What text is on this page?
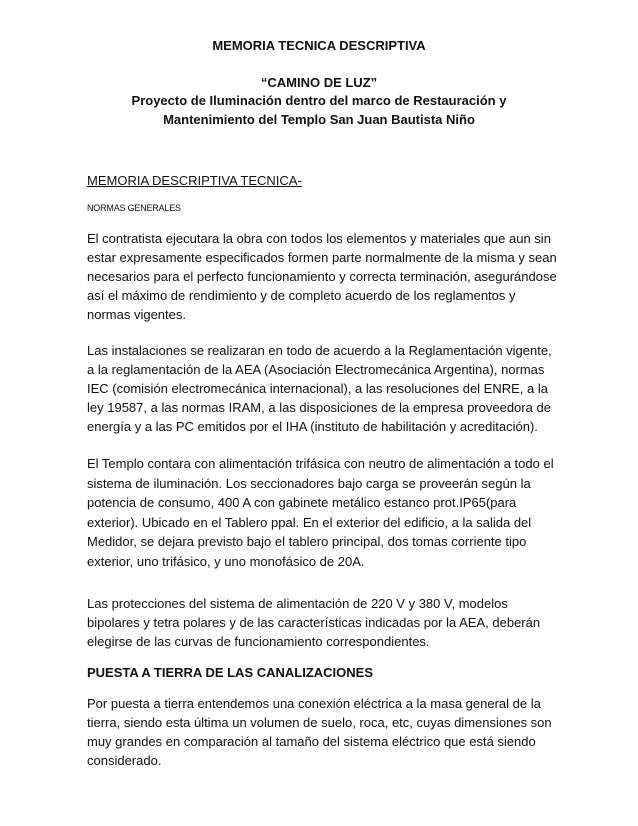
MEMORIA TECNICA DESCRIPTIVA
“CAMINO DE LUZ”
Proyecto de Iluminación dentro del marco de Restauración y
Mantenimiento del Templo San Juan Bautista Niño
MEMORIA DESCRIPTIVA TECNICA-
NORMAS GENERALES

El contratista ejecutara la obra con todos los elementos y materiales que aun sin estar expresamente especificados formen parte normalmente de la misma y sean necesarios para el perfecto funcionamiento y correcta terminación, asegurándose así el máximo de rendimiento y de completo acuerdo de los reglamentos y normas vigentes.

Las instalaciones se realizaran en todo de acuerdo a la Reglamentación vigente, a la reglamentación de la AEA (Asociación Electromecánica Argentina), normas IEC (comisión electromecánica internacional), a las resoluciones del ENRE, a la ley 19587, a las normas IRAM, a las disposiciones de la empresa proveedora de energía y a las PC emitidos por el IHA (instituto de habilitación y acreditación).

El Templo contara con alimentación trifásica con neutro de alimentación a todo el sistema de iluminación. Los seccionadores bajo carga se proveerán según la potencia de consumo, 400 A con gabinete metálico estanco prot.IP65(para exterior). Ubicado en el Tablero ppal. En el exterior del edificio, a la salida del Medidor, se dejara previsto bajo el tablero principal, dos tomas corriente tipo exterior, uno trifásico, y uno monofásico de 20A.

Las protecciones del sistema de alimentación de 220 V y 380 V, modelos bipolares y tetra polares y de las características indicadas por la AEA, deberán elegirse de las curvas de funcionamiento correspondientes.

PUESTA A TIERRA DE LAS CANALIZACIONES

Por puesta a tierra entendemos una conexión eléctrica a la masa general de la tierra, siendo esta última un volumen de suelo, roca, etc, cuyas dimensiones son muy grandes en comparación al tamaño del sistema eléctrico que está siendo considerado.
